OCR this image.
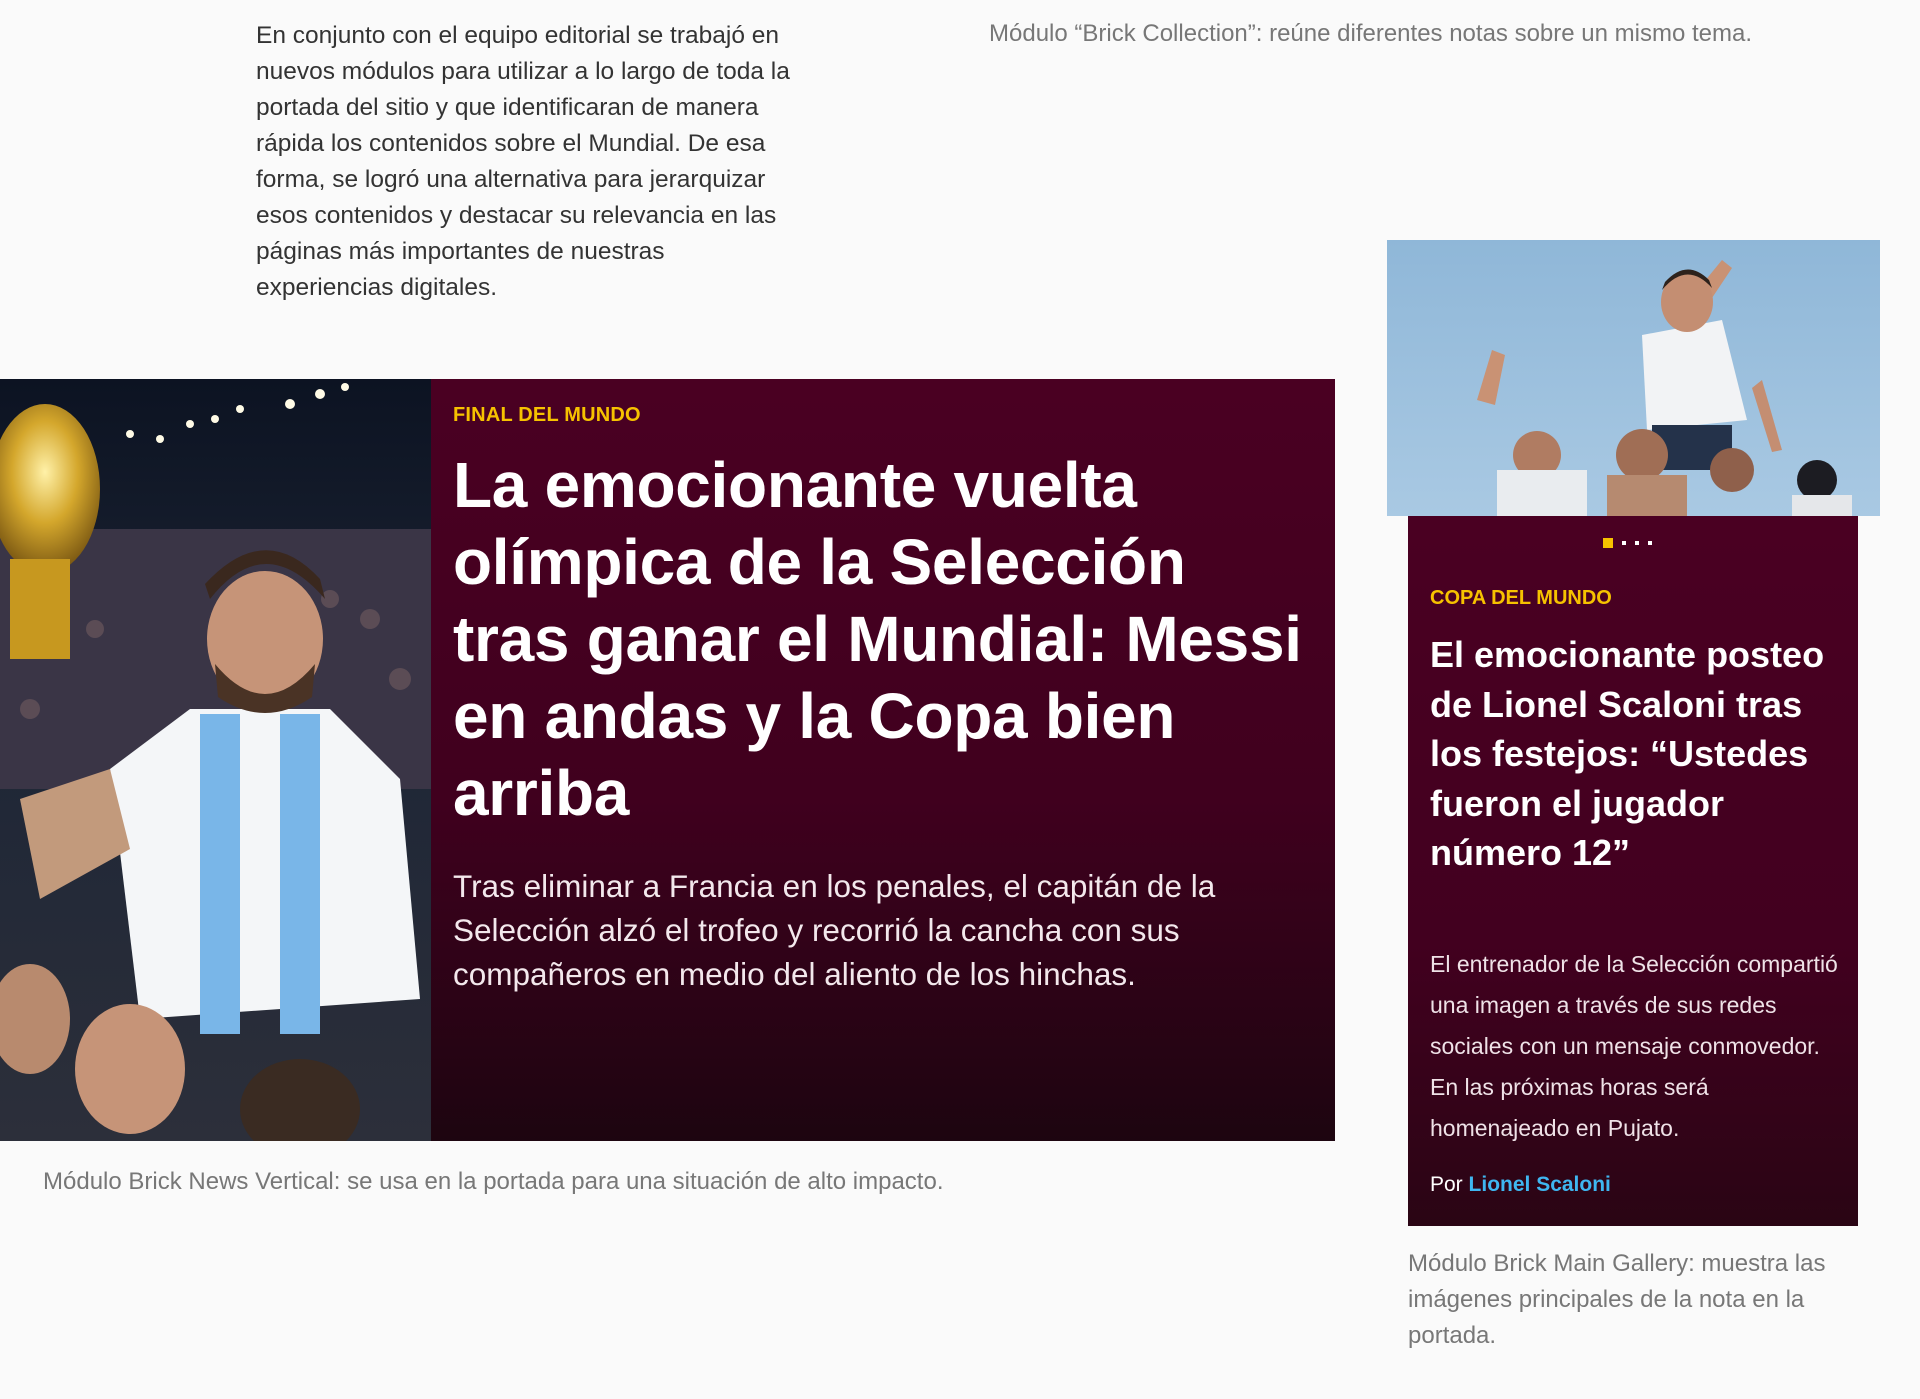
En conjunto con el equipo editorial se trabajó en nuevos módulos para utilizar a lo largo de toda la portada del sitio y que identificaran de manera rápida los contenidos sobre el Mundial. De esa forma, se logró una alternativa para jerarquizar esos contenidos y destacar su relevancia en las páginas más importantes de nuestras experiencias digitales.

Módulo “Brick Collection”: reúne diferentes notas sobre un mismo tema.

FINAL DEL MUNDO

La emocionante vuelta olímpica de la Selección tras ganar el Mundial: Messi en andas y la Copa bien arriba

Tras eliminar a Francia en los penales, el capitán de la Selección alzó el trofeo y recorrió la cancha con sus compañeros en medio del aliento de los hinchas.

Módulo Brick News Vertical: se usa en la portada para una situación de alto impacto.

COPA DEL MUNDO

El emocionante posteo de Lionel Scaloni tras los festejos: “Ustedes fueron el jugador número 12”

El entrenador de la Selección compartió una imagen a través de sus redes sociales con un mensaje conmovedor. En las próximas horas será homenajeado en Pujato.

Por Lionel Scaloni

Módulo Brick Main Gallery: muestra las imágenes principales de la nota en la portada.
